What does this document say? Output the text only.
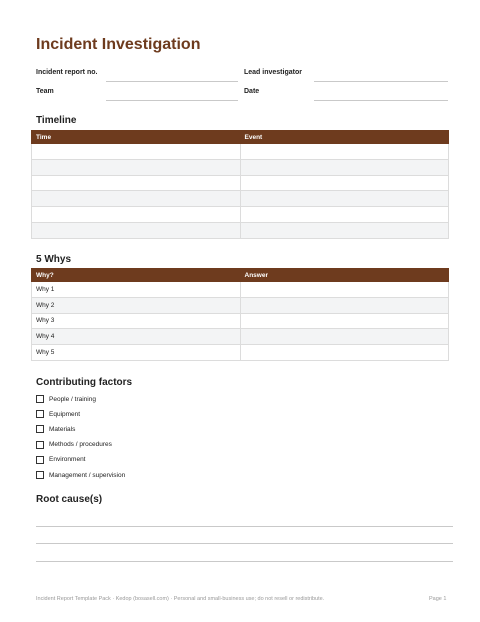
Incident Investigation
Incident report no.	Lead investigator
Team	Date
Timeline
Time	Event

5 Whys
Why?	Answer
Why 1	
Why 2	
Why 3	
Why 4	
Why 5	
Contributing factors
People / training
Equipment
Materials
Methods / procedures
Environment
Management / supervision
Root cause(s)
Incident Report Template Pack · Kedop (bosasell.com) · Personal and small-business use; do not resell or redistribute.	Page 1
